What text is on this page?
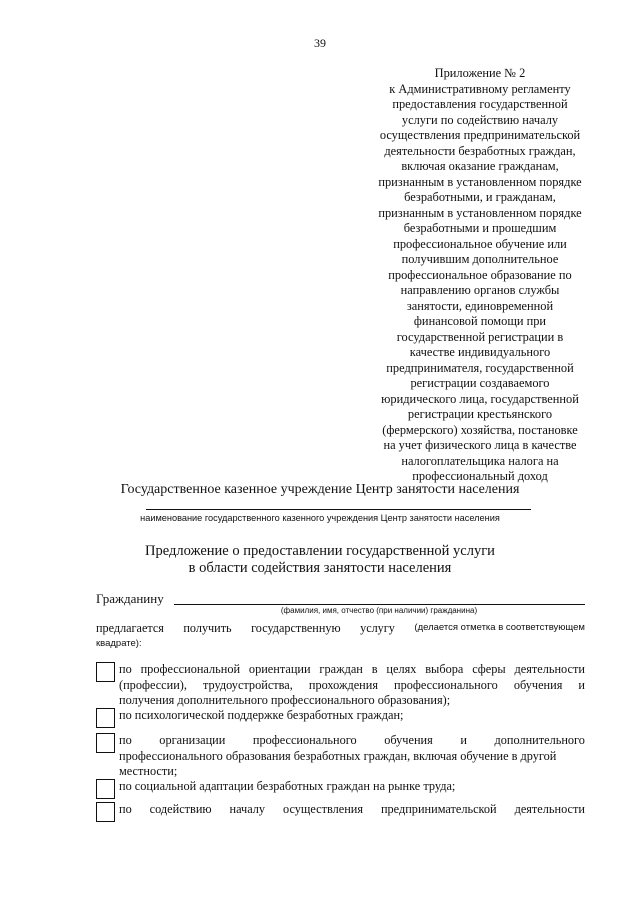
39
Приложение № 2
к Административному регламенту
предоставления государственной
услуги по содействию началу
осуществления предпринимательской
деятельности безработных граждан,
включая оказание гражданам,
признанным в установленном порядке
безработными, и гражданам,
признанным в установленном порядке
безработными и прошедшим
профессиональное обучение или
получившим дополнительное
профессиональное образование по
направлению органов службы
занятости, единовременной
финансовой помощи при
государственной регистрации в
качестве индивидуального
предпринимателя, государственной
регистрации создаваемого
юридического лица, государственной
регистрации крестьянского
(фермерского) хозяйства, постановке
на учет физического лица в качестве
налогоплательщика налога на
профессиональный доход
Государственное казенное учреждение Центр занятости населения
наименование государственного казенного учреждения Центр занятости населения
Предложение о предоставлении государственной услуги
в области содействия занятости населения
Гражданину
(фамилия, имя, отчество (при наличии) гражданина)
предлагается получить государственную услугу (делается отметка в соответствующем
квадрате):
по профессиональной ориентации граждан в целях выбора сферы деятельности
(профессии), трудоустройства, прохождения профессионального обучения и
получения дополнительного профессионального образования);
по психологической поддержке безработных граждан;
по организации профессионального обучения и дополнительного
профессионального образования безработных граждан, включая обучение в другой
местности;
по социальной адаптации безработных граждан на рынке труда;
по содействию началу осуществления предпринимательской деятельности
